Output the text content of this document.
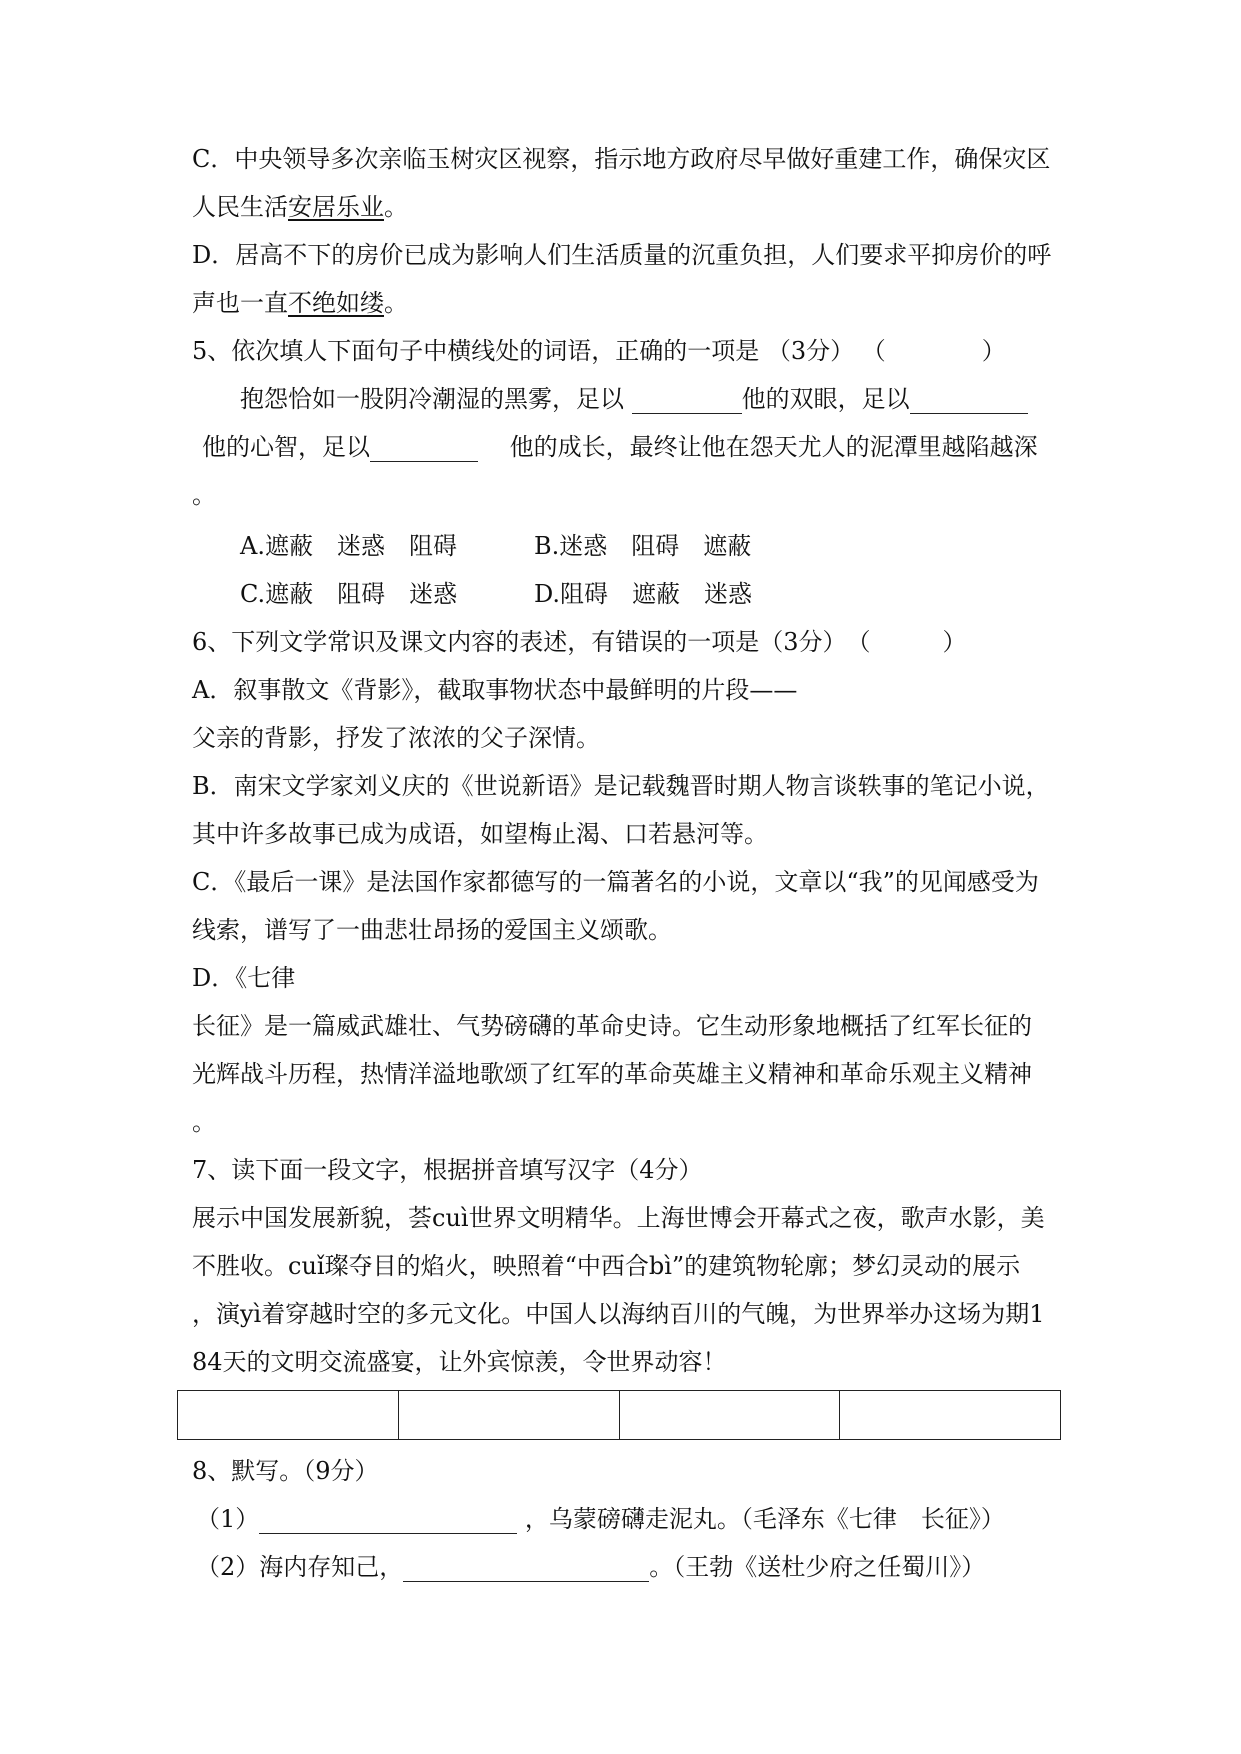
C．中央领导多次亲临玉树灾区视察，指示地方政府尽早做好重建工作，确保灾区

人民生活安居乐业。

D．居高不下的房价已成为影响人们生活质量的沉重负担，人们要求平抑房价的呼

声也一直不绝如缕。

5、依次填人下面句子中横线处的词语，正确的一项是 （3分） （　　　　）

抱怨恰如一股阴冷潮湿的黑雾，足以	他的双眼，足以

他的心智，足以　	他的成长，最终让他在怨天尤人的泥潭里越陷越深

。

A.遮蔽　迷惑　阻碍	B.迷惑　阻碍　遮蔽
C.遮蔽　阻碍　迷惑	D.阻碍　遮蔽　迷惑

6、下列文学常识及课文内容的表述，有错误的一项是（3分）　（　　　）

A．叙事散文《背影》，截取事物状态中最鲜明的片段——

父亲的背影，抒发了浓浓的父子深情。

B．南宋文学家刘义庆的《世说新语》是记载魏晋时期人物言谈轶事的笔记小说，

其中许多故事已成为成语，如望梅止渴、口若悬河等。

C．《最后一课》是法国作家都德写的一篇著名的小说，文章以“我”的见闻感受为

线索，谱写了一曲悲壮昂扬的爱国主义颂歌。

D．《七律

长征》是一篇威武雄壮、气势磅礴的革命史诗。它生动形象地概括了红军长征的

光辉战斗历程，热情洋溢地歌颂了红军的革命英雄主义精神和革命乐观主义精神

。

7、读下面一段文字，根据拼音填写汉字（4分）

展示中国发展新貌，荟cuì世界文明精华。上海世博会开幕式之夜，歌声水影，美

不胜收。cuǐ璨夺目的焰火，映照着“中西合bì”的建筑物轮廓；梦幻灵动的展示

，演yì着穿越时空的多元文化。中国人以海纳百川的气魄，为世界举办这场为期1

84天的文明交流盛宴，让外宾惊羡，令世界动容！

8、默写。（9分）

（1）	，乌蒙磅礴走泥丸。（毛泽东《七律　长征》）

（2）海内存知己，	。（王勃《送杜少府之任蜀川》）
